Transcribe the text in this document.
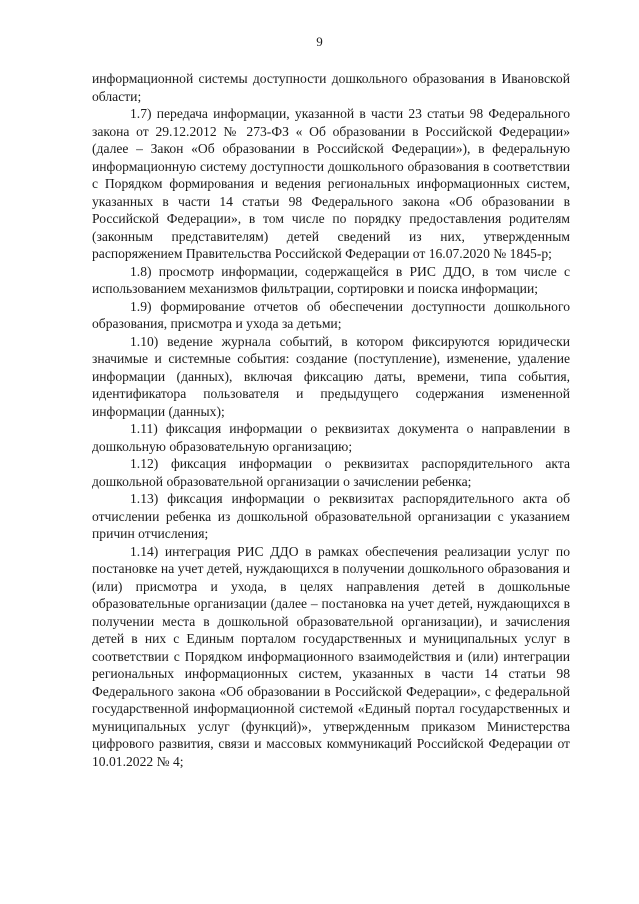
9

информационной системы доступности дошкольного образования в Ивановской области;

1.7) передача информации, указанной в части 23 статьи 98 Федерального закона от 29.12.2012 № 273-ФЗ « Об образовании в Российской Федерации» (далее – Закон «Об образовании в Российской Федерации»), в федеральную информационную систему доступности дошкольного образования в соответствии с Порядком формирования и ведения региональных информационных систем, указанных в части 14 статьи 98 Федерального закона «Об образовании в Российской Федерации», в том числе по порядку предоставления родителям (законным представителям) детей сведений из них, утвержденным распоряжением Правительства Российской Федерации от 16.07.2020 № 1845-р;

1.8) просмотр информации, содержащейся в РИС ДДО, в том числе с использованием механизмов фильтрации, сортировки и поиска информации;

1.9) формирование отчетов об обеспечении доступности дошкольного образования, присмотра и ухода за детьми;

1.10) ведение журнала событий, в котором фиксируются юридически значимые и системные события: создание (поступление), изменение, удаление информации (данных), включая фиксацию даты, времени, типа события, идентификатора пользователя и предыдущего содержания измененной информации (данных);

1.11) фиксация информации о реквизитах документа о направлении в дошкольную образовательную организацию;

1.12) фиксация информации о реквизитах распорядительного акта дошкольной образовательной организации о зачислении ребенка;

1.13) фиксация информации о реквизитах распорядительного акта об отчислении ребенка из дошкольной образовательной организации с указанием причин отчисления;

1.14) интеграция РИС ДДО в рамках обеспечения реализации услуг по постановке на учет детей, нуждающихся в получении дошкольного образования и (или) присмотра и ухода, в целях направления детей в дошкольные образовательные организации (далее – постановка на учет детей, нуждающихся в получении места в дошкольной образовательной организации), и зачисления детей в них с Единым порталом государственных и муниципальных услуг в соответствии с Порядком информационного взаимодействия и (или) интеграции региональных информационных систем, указанных в части 14 статьи 98 Федерального закона «Об образовании в Российской Федерации», с федеральной государственной информационной системой «Единый портал государственных и муниципальных услуг (функций)», утвержденным приказом Министерства цифрового развития, связи и массовых коммуникаций Российской Федерации от 10.01.2022 № 4;
